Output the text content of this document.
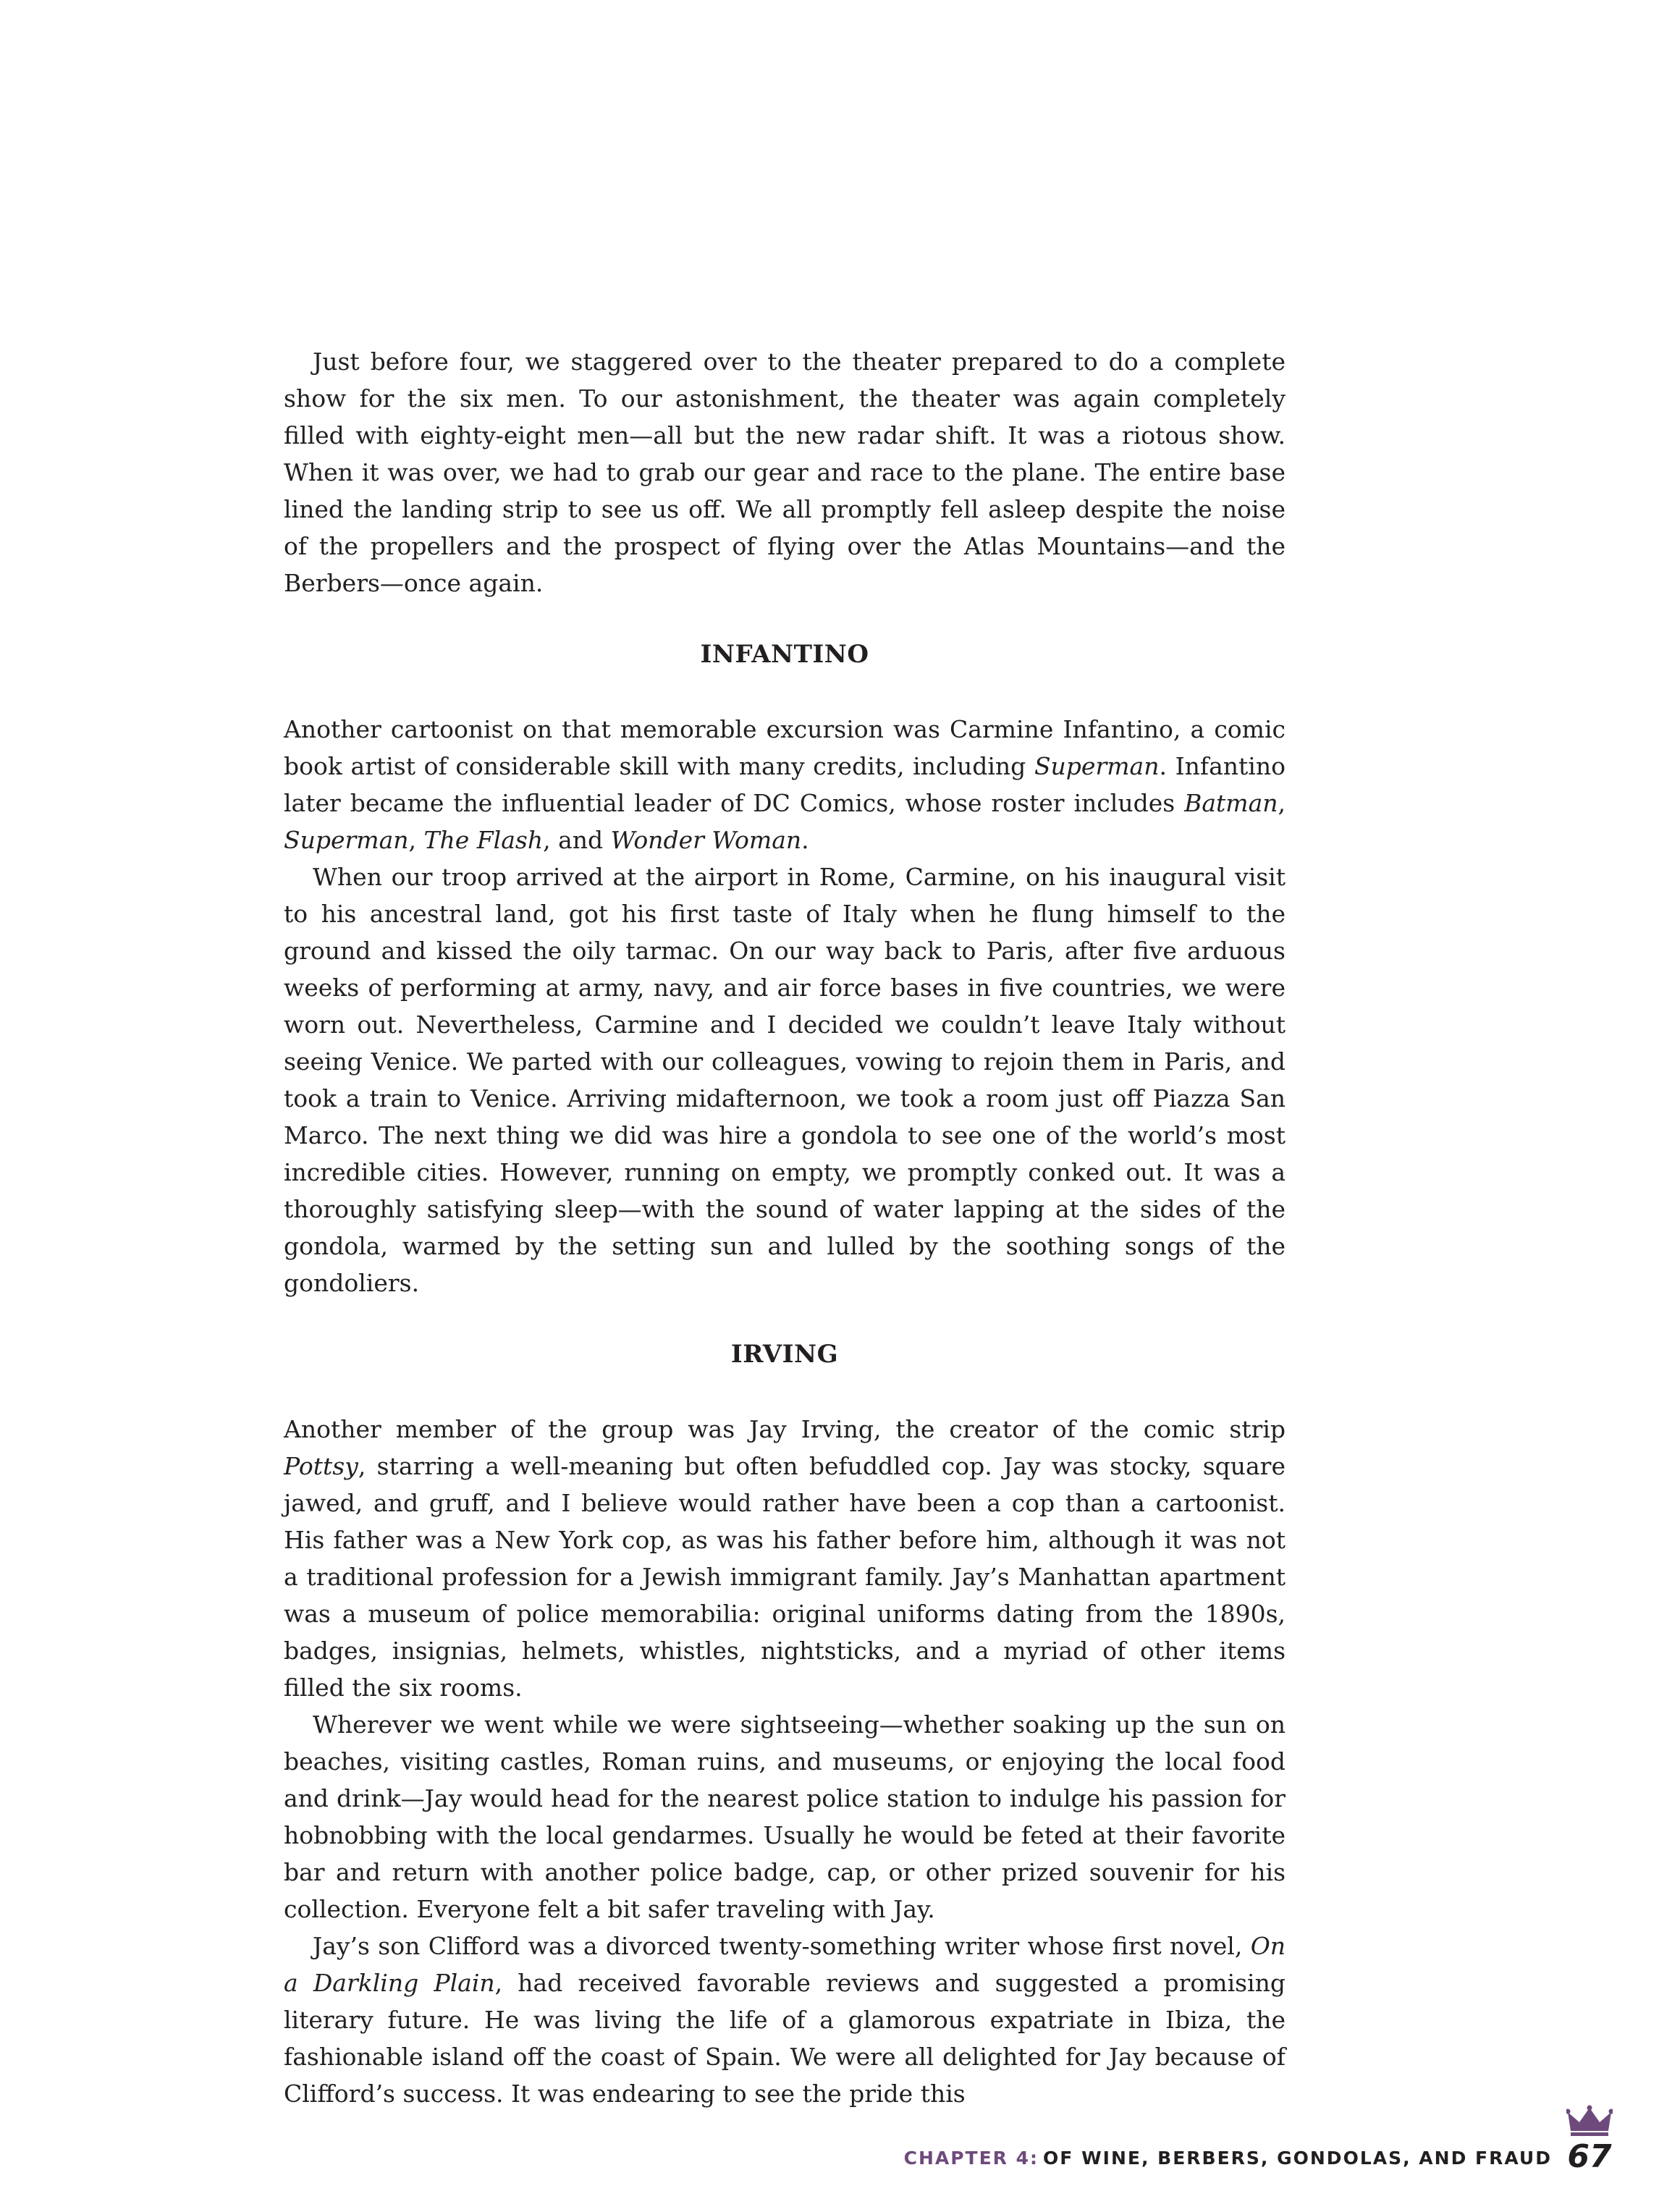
Just before four, we staggered over to the theater prepared to do a complete show for the six men. To our astonishment, the theater was again completely filled with eighty-eight men—all but the new radar shift. It was a riotous show. When it was over, we had to grab our gear and race to the plane. The entire base lined the landing strip to see us off. We all promptly fell asleep despite the noise of the propellers and the prospect of flying over the Atlas Mountains—and the Berbers—once again.

INFANTINO

Another cartoonist on that memorable excursion was Carmine Infantino, a comic book artist of considerable skill with many credits, including Superman. Infantino later became the influential leader of DC Comics, whose roster includes Batman, Superman, The Flash, and Wonder Woman.

When our troop arrived at the airport in Rome, Carmine, on his inaugural visit to his ancestral land, got his first taste of Italy when he flung himself to the ground and kissed the oily tarmac. On our way back to Paris, after five arduous weeks of performing at army, navy, and air force bases in five countries, we were worn out. Nevertheless, Carmine and I decided we couldn’t leave Italy without seeing Venice. We parted with our colleagues, vowing to rejoin them in Paris, and took a train to Venice. Arriving midafternoon, we took a room just off Piazza San Marco. The next thing we did was hire a gondola to see one of the world’s most incredible cities. However, running on empty, we promptly conked out. It was a thoroughly satisfying sleep—with the sound of water lapping at the sides of the gondola, warmed by the setting sun and lulled by the soothing songs of the gondoliers.

IRVING

Another member of the group was Jay Irving, the creator of the comic strip Pottsy, starring a well-meaning but often befuddled cop. Jay was stocky, square jawed, and gruff, and I believe would rather have been a cop than a cartoonist. His father was a New York cop, as was his father before him, although it was not a traditional profession for a Jewish immigrant family. Jay’s Manhattan apartment was a museum of police memorabilia: original uniforms dating from the 1890s, badges, insignias, helmets, whistles, nightsticks, and a myriad of other items filled the six rooms.

Wherever we went while we were sightseeing—whether soaking up the sun on beaches, visiting castles, Roman ruins, and museums, or enjoying the local food and drink—Jay would head for the nearest police station to indulge his passion for hobnobbing with the local gendarmes. Usually he would be feted at their favorite bar and return with another police badge, cap, or other prized souvenir for his collection. Everyone felt a bit safer traveling with Jay.

Jay’s son Clifford was a divorced twenty-something writer whose first novel, On a Darkling Plain, had received favorable reviews and suggested a promising literary future. He was living the life of a glamorous expatriate in Ibiza, the fashionable island off the coast of Spain. We were all delighted for Jay because of Clifford’s success. It was endearing to see the pride this

CHAPTER 4: OF WINE, BERBERS, GONDOLAS, AND FRAUD 67
